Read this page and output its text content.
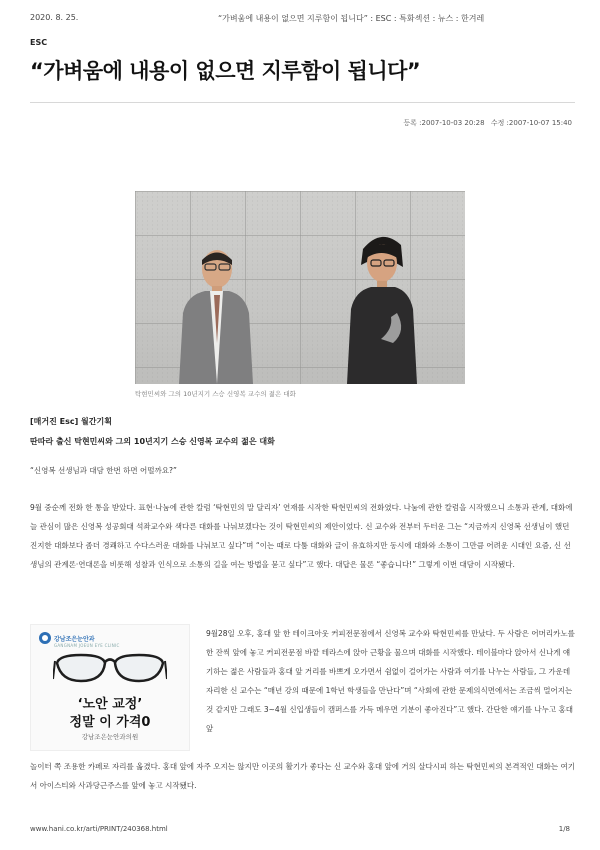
2020. 8. 25.	“가벼움에 내용이 없으면 지루함이 됩니다” : ESC : 특화섹션 : 뉴스 : 한겨레
ESC
“가벼움에 내용이 없으면 지루함이 됩니다”
등록 :2007-10-03 20:28 수정 :2007-10-07 15:40
탁현민씨와 그의 10년지기 스승 신영복 교수의 젊은 대화
[매거진 Esc] 월간기획
딴따라 출신 탁현민씨와 그의 10년지기 스승 신영복 교수의 젊은 대화
“신영복 선생님과 대담 한번 하면 어떨까요?”

9월 중순께 전화 한 통을 받았다. 표현·나눔에 관한 칼럼 ‘탁현민의 말 달리자’ 연재를 시작한 탁현민씨의 전화였다. 나눔에 관한 칼럼을 시작했으니 소통과 관계, 대화에 늘 관심이 많은 신영복 성공회대 석좌교수와 색다른 대화를 나눠보겠다는 것이 탁현민씨의 제안이었다. 신 교수와 전부터 두터운 그는 “지금까지 신영복 선생님이 했던 진지한 대화보다 좀더 경쾌하고 수다스러운 대화를 나눠보고 싶다”며 “이는 때로 다툼 대화와 글이 유효하지만 동시에 대화와 소통이 그만큼 어려운 시대인 요즘, 신 선생님의 관계론·연대론을 비롯해 성찰과 인식으로 소통의 길을 여는 방법을 묻고 싶다”고 했다. 대답은 물론 “좋습니다!” 그렇게 이번 대담이 시작됐다.

강남조은눈안과
GANGNAM JOEUN EYE CLINIC
‘노안 교정’
정말 이 가격0
강남조은눈안과의원

9월28일 오후, 홍대 앞 한 테이크아웃 커피전문점에서 신영복 교수와 탁현민씨를 만났다. 두 사람은 어머리카노를 한 잔씩 앞에 놓고 커피전문점 바깥 테라스에 앉아 근황을 물으며 대화를 시작했다. 테이블마다 앉아서 신나게 얘기하는 젊은 사람들과 홍대 앞 거리를 바쁘게 오가면서 쉼없이 걸어가는 사람과 여기를 나누는 사람들, 그 가운데 자리한 신 교수는 “매년 강의 때문에 1학년 학생들을 만난다”며 “사회에 관한 문제의식면에서는 조금씩 멀어지는 것 같지만 그래도 3~4월 신입생들이 캠퍼스를 가득 메우면 기분이 좋아진다”고 했다. 간단한 얘기를 나누고 홍대 앞

놀이터 쪽 조용한 카페로 자리를 옮겼다. 홍대 앞에 자주 오지는 않지만 이곳의 활기가 좋다는 신 교수와 홍대 앞에 거의 살다시피 하는 탁현민씨의 본격적인 대화는 여기서 아이스티와 사과당근주스를 앞에 놓고 시작됐다.

www.hani.co.kr/arti/PRINT/240368.html	1/8
